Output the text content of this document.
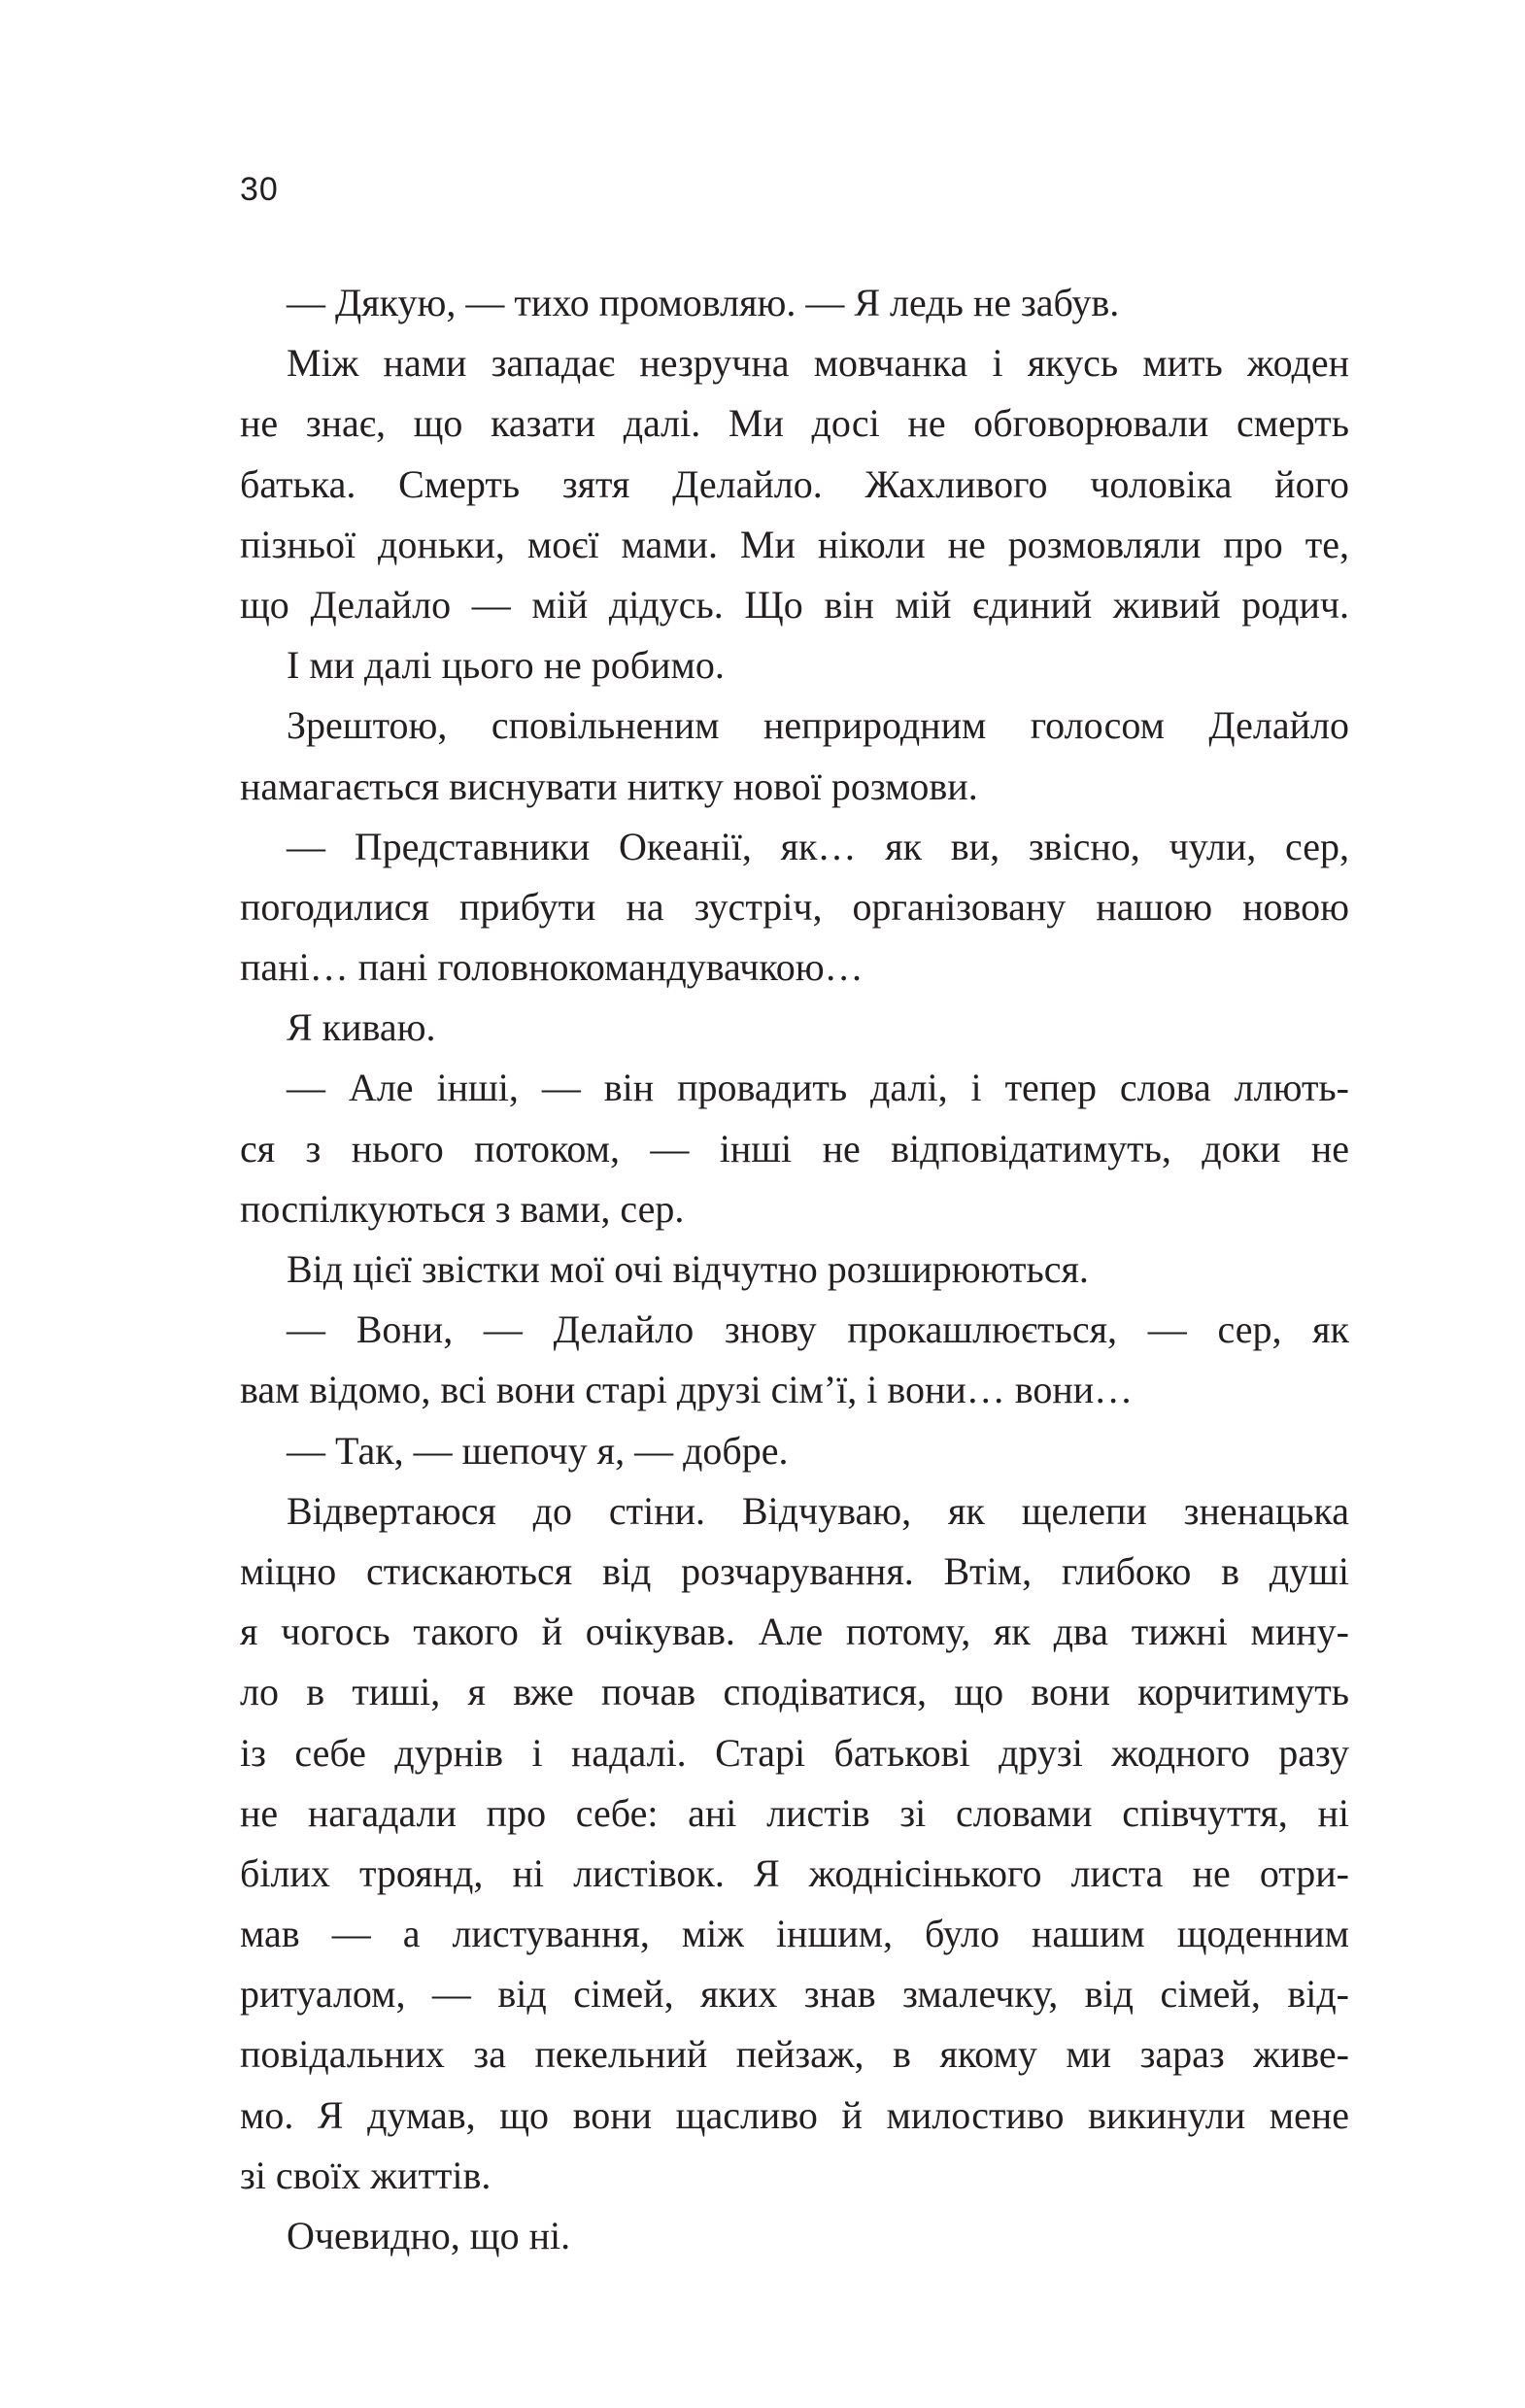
30
— Дякую, — тихо промовляю. — Я ледь не забув.
Між нами западає незручна мовчанка і якусь мить жоден
не знає, що казати далі. Ми досі не обговорювали смерть
батька. Смерть зятя Делайло. Жахливого чоловіка його
пізньої доньки, моєї мами. Ми ніколи не розмовляли про те,
що Делайло — мій дідусь. Що він мій єдиний живий родич.
І ми далі цього не робимо.
Зрештою, сповільненим неприродним голосом Делайло
намагається виснувати нитку нової розмови.
— Представники Океанії, як… як ви, звісно, чули, сер,
погодилися прибути на зустріч, організовану нашою новою
пані… пані головнокомандувачкою…
Я киваю.
— Але інші, — він провадить далі, і тепер слова ллють-
ся з нього потоком, — інші не відповідатимуть, доки не
поспілкуються з вами, сер.
Від цієї звістки мої очі відчутно розширюються.
— Вони, — Делайло знову прокашлюється, — сер, як
вам відомо, всі вони старі друзі сім’ї, і вони… вони…
— Так, — шепочу я, — добре.
Відвертаюся до стіни. Відчуваю, як щелепи зненацька
міцно стискаються від розчарування. Втім, глибоко в душі
я чогось такого й очікував. Але потому, як два тижні мину-
ло в тиші, я вже почав сподіватися, що вони корчитимуть
із себе дурнів і надалі. Старі батькові друзі жодного разу
не нагадали про себе: ані листів зі словами співчуття, ні
білих троянд, ні листівок. Я жоднісінького листа не отри-
мав — а листування, між іншим, було нашим щоденним
ритуалом, — від сімей, яких знав змалечку, від сімей, від-
повідальних за пекельний пейзаж, в якому ми зараз живе-
мо. Я думав, що вони щасливо й милостиво викинули мене
зі своїх життів.
Очевидно, що ні.
